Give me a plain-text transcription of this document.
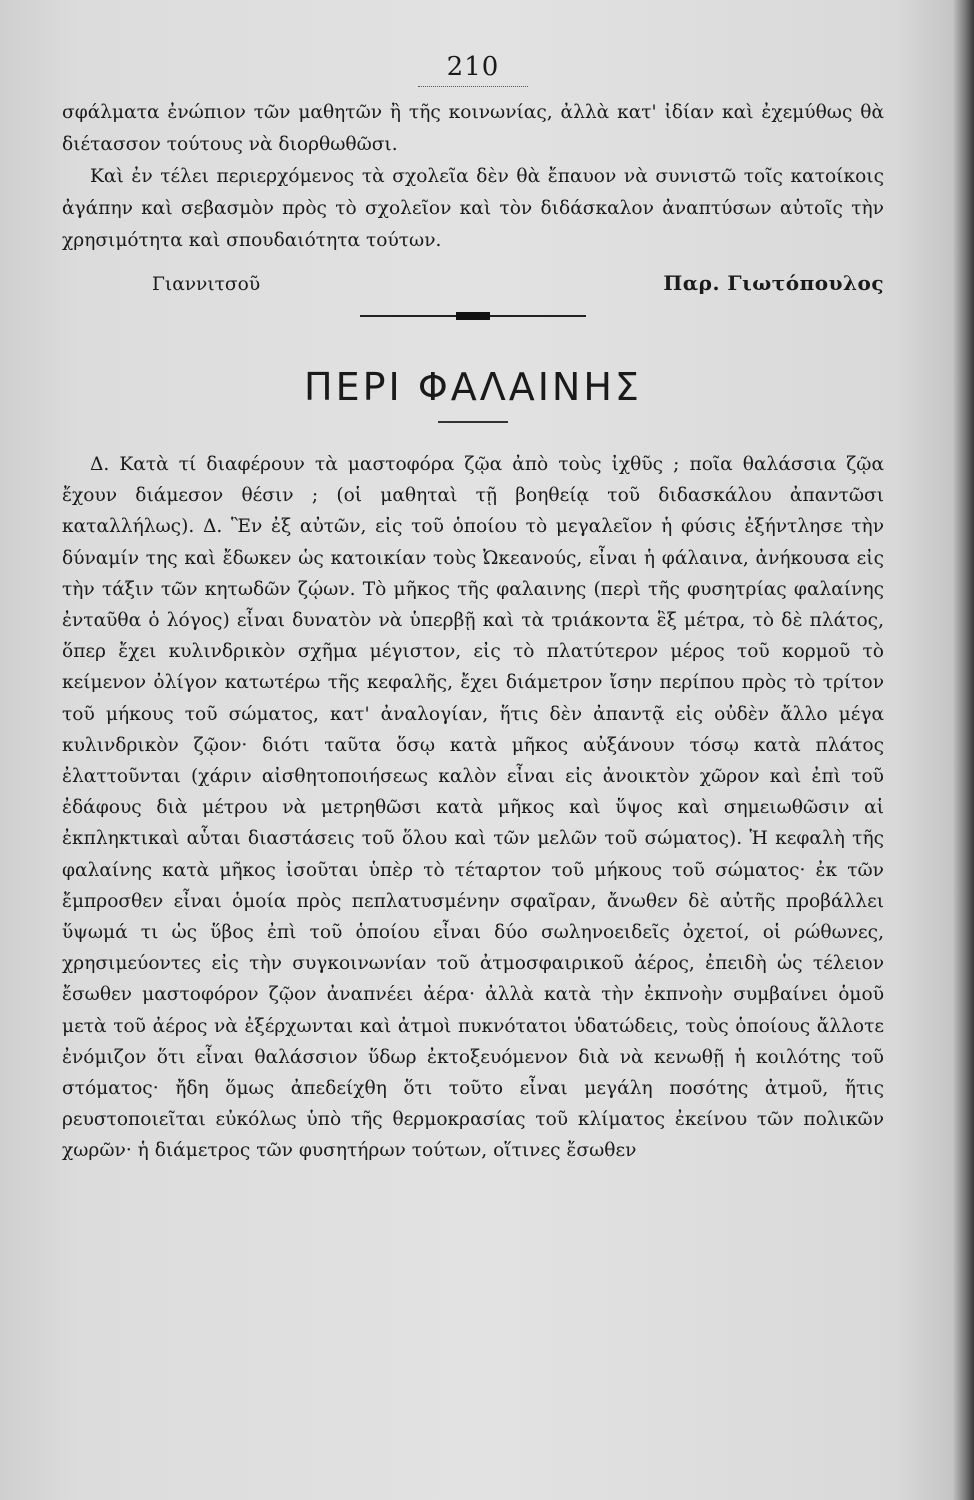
210

σφάλματα ἐνώπιον τῶν μαθητῶν ἢ τῆς κοινωνίας, ἀλλὰ κατ' ἰδίαν καὶ ἐχεμύθως θὰ διέτασσον τούτους νὰ διορθωθῶσι.

Καὶ ἐν τέλει περιερχόμενος τὰ σχολεῖα δὲν θὰ ἔπαυον νὰ συνιστῶ τοῖς κατοίκοις ἀγάπην καὶ σεβασμὸν πρὸς τὸ σχολεῖον καὶ τὸν διδάσκαλον ἀναπτύσων αὐτοῖς τὴν χρησιμότητα καὶ σπουδαιότητα τούτων.

Γιαννιτσοῦ	Παρ. Γιωτόπουλος
ΠΕΡΙ ΦΑΛΑΙΝΗΣ

Δ. Κατὰ τί διαφέρουν τὰ μαστοφόρα ζῷα ἀπὸ τοὺς ἰχθῦς ; ποῖα θαλάσσια ζῷα ἔχουν διάμεσον θέσιν ; (οἱ μαθηταὶ τῇ βοηθείᾳ τοῦ διδασκάλου ἀπαντῶσι καταλλήλως). Δ. Ἓν ἐξ αὐτῶν, εἰς τοῦ ὁποίου τὸ μεγαλεῖον ἡ φύσις ἐξήντλησε τὴν δύναμίν της καὶ ἔδωκεν ὡς κατοικίαν τοὺς Ὠκεανούς, εἶναι ἡ φάλαινα, ἀνήκουσα εἰς τὴν τάξιν τῶν κητωδῶν ζῴων. Τὸ μῆκος τῆς φαλαινης (περὶ τῆς φυσητρίας φαλαίνης ἐνταῦθα ὁ λόγος) εἶναι δυνατὸν νὰ ὑπερβῇ καὶ τὰ τριάκοντα ἓξ μέτρα, τὸ δὲ πλάτος, ὅπερ ἔχει κυλινδρικὸν σχῆμα μέγιστον, εἰς τὸ πλατύτερον μέρος τοῦ κορμοῦ τὸ κείμενον ὀλίγον κατωτέρω τῆς κεφαλῆς, ἔχει διάμετρον ἴσην περίπου πρὸς τὸ τρίτον τοῦ μήκους τοῦ σώματος, κατ' ἀναλογίαν, ἥτις δὲν ἀπαντᾷ εἰς οὐδὲν ἄλλο μέγα κυλινδρικὸν ζῷον· διότι ταῦτα ὅσῳ κατὰ μῆκος αὐξάνουν τόσῳ κατὰ πλάτος ἐλαττοῦνται (χάριν αἰσθητοποιήσεως καλὸν εἶναι εἰς ἀνοικτὸν χῶρον καὶ ἐπὶ τοῦ ἐδάφους διὰ μέτρου νὰ μετρηθῶσι κατὰ μῆκος καὶ ὕψος καὶ σημειωθῶσιν αἱ ἐκπληκτικαὶ αὗται διαστάσεις τοῦ ὅλου καὶ τῶν μελῶν τοῦ σώματος). Ἡ κεφαλὴ τῆς φαλαίνης κατὰ μῆκος ἰσοῦται ὑπὲρ τὸ τέταρτον τοῦ μήκους τοῦ σώματος· ἐκ τῶν ἔμπροσθεν εἶναι ὁμοία πρὸς πεπλατυσμένην σφαῖραν, ἄνωθεν δὲ αὐτῆς προβάλλει ὕψωμά τι ὡς ὕβος ἐπὶ τοῦ ὁποίου εἶναι δύο σωληνοειδεῖς ὀχετοί, οἱ ρώθωνες, χρησιμεύοντες εἰς τὴν συγκοινωνίαν τοῦ ἀτμοσφαιρικοῦ ἀέρος, ἐπειδὴ ὡς τέλειον ἔσωθεν μαστοφόρον ζῷον ἀναπνέει ἀέρα· ἀλλὰ κατὰ τὴν ἐκπνοὴν συμβαίνει ὁμοῦ μετὰ τοῦ ἀέρος νὰ ἐξέρχωνται καὶ ἀτμοὶ πυκνότατοι ὑδατώδεις, τοὺς ὁποίους ἄλλοτε ἐνόμιζον ὅτι εἶναι θαλάσσιον ὕδωρ ἐκτοξευόμενον διὰ νὰ κενωθῇ ἡ κοιλότης τοῦ στόματος· ἤδη ὅμως ἀπεδείχθη ὅτι τοῦτο εἶναι μεγάλη ποσότης ἀτμοῦ, ἥτις ρευστοποιεῖται εὐκόλως ὑπὸ τῆς θερμοκρασίας τοῦ κλίματος ἐκείνου τῶν πολικῶν χωρῶν· ἡ διάμετρος τῶν φυσητήρων τούτων, οἵτινες ἔσωθεν
